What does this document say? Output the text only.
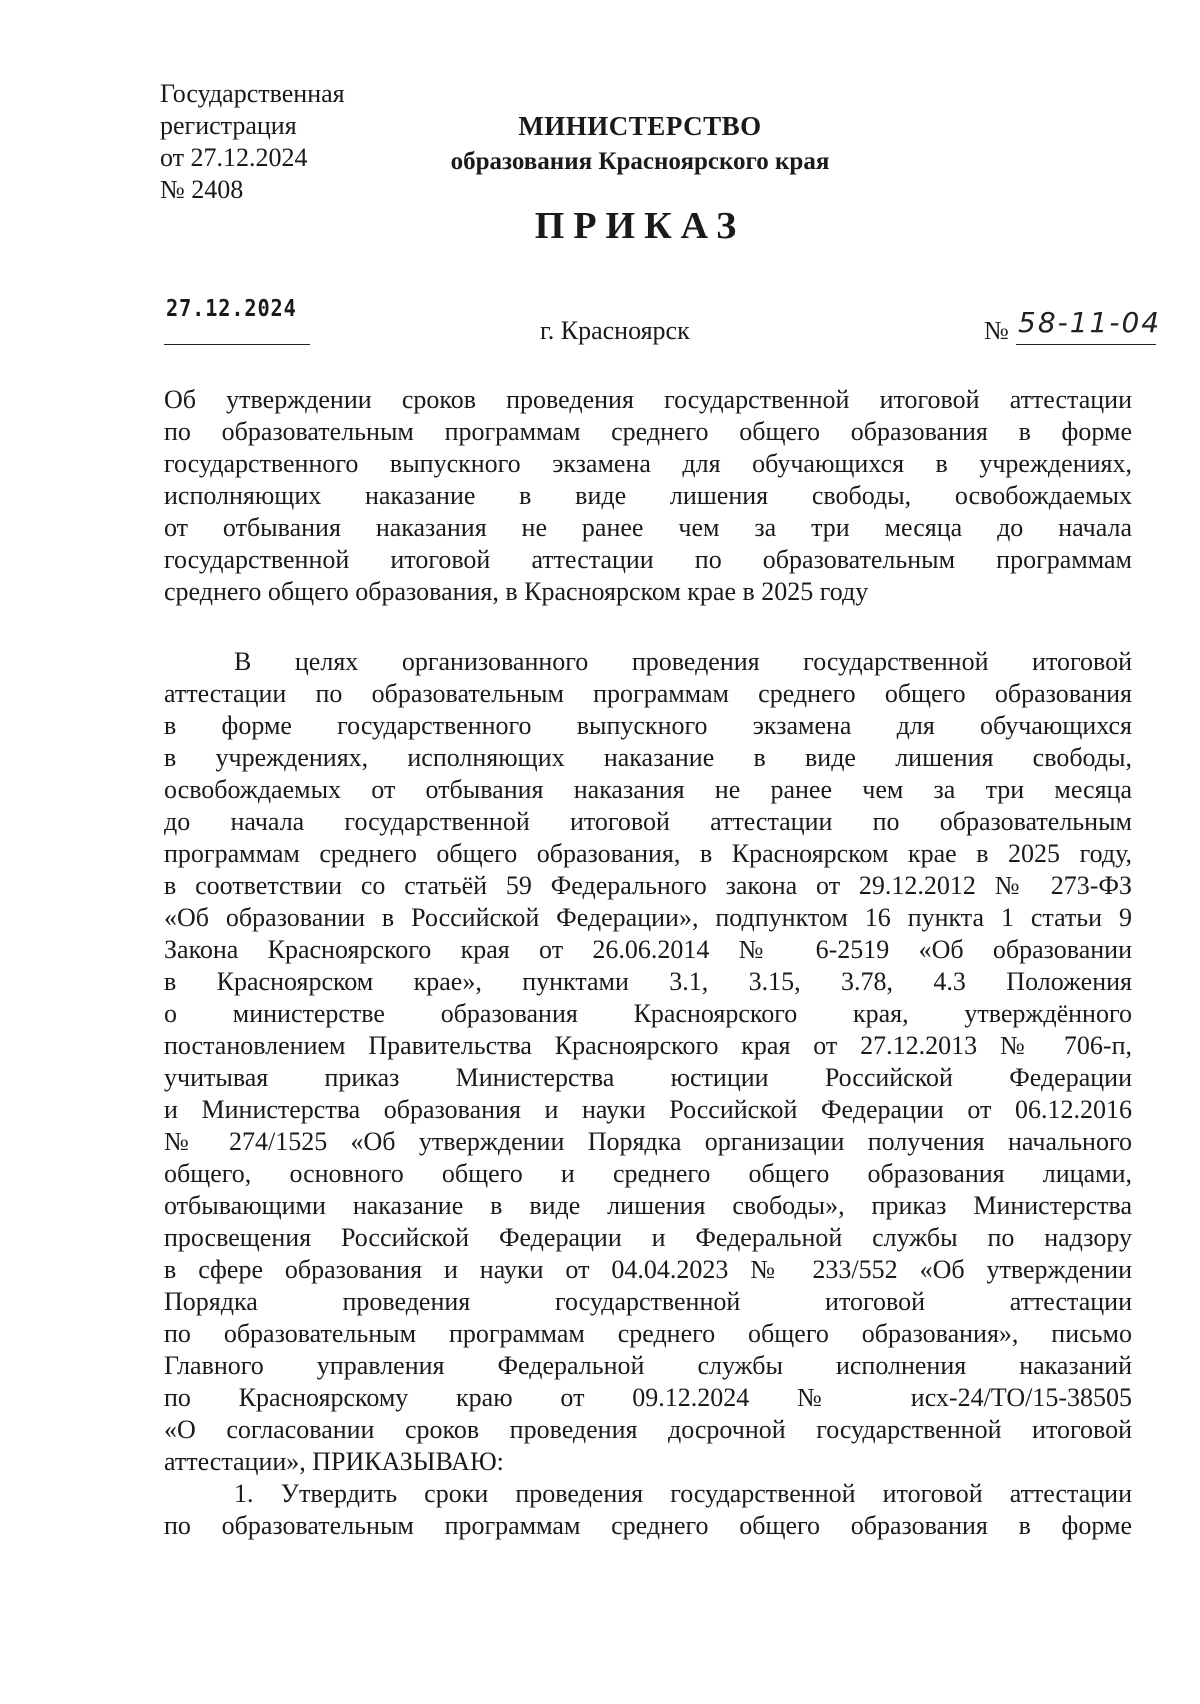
Государственная
регистрация
от 27.12.2024
№ 2408
МИНИСТЕРСТВО
образования Красноярского края
ПРИКАЗ
27.12.2024
г. Красноярск	№ 58-11-04

Об утверждении сроков проведения государственной итоговой аттестации

по образовательным программам среднего общего образования в форме

государственного выпускного экзамена для обучающихся в учреждениях,

исполняющих наказание в виде лишения свободы, освобождаемых

от отбывания наказания не ранее чем за три месяца до начала

государственной итоговой аттестации по образовательным программам

среднего общего образования, в Красноярском крае в 2025 году

В целях организованного проведения государственной итоговой

аттестации по образовательным программам среднего общего образования

в форме государственного выпускного экзамена для обучающихся

в учреждениях, исполняющих наказание в виде лишения свободы,

освобождаемых от отбывания наказания не ранее чем за три месяца

до начала государственной итоговой аттестации по образовательным

программам среднего общего образования, в Красноярском крае в 2025 году,

в соответствии со статьёй 59 Федерального закона от 29.12.2012 № 273-ФЗ

«Об образовании в Российской Федерации», подпунктом 16 пункта 1 статьи 9

Закона Красноярского края от 26.06.2014 № 6-2519 «Об образовании

в Красноярском крае», пунктами 3.1, 3.15, 3.78, 4.3 Положения

о министерстве образования Красноярского края, утверждённого

постановлением Правительства Красноярского края от 27.12.2013 № 706-п,

учитывая приказ Министерства юстиции Российской Федерации

и Министерства образования и науки Российской Федерации от 06.12.2016

№ 274/1525 «Об утверждении Порядка организации получения начального

общего, основного общего и среднего общего образования лицами,

отбывающими наказание в виде лишения свободы», приказ Министерства

просвещения Российской Федерации и Федеральной службы по надзору

в сфере образования и науки от 04.04.2023 № 233/552 «Об утверждении

Порядка проведения государственной итоговой аттестации

по образовательным программам среднего общего образования», письмо

Главного управления Федеральной службы исполнения наказаний

по Красноярскому краю от 09.12.2024 № исх-24/ТО/15-38505

«О согласовании сроков проведения досрочной государственной итоговой

аттестации», ПРИКАЗЫВАЮ:

1. Утвердить сроки проведения государственной итоговой аттестации

по образовательным программам среднего общего образования в форме
